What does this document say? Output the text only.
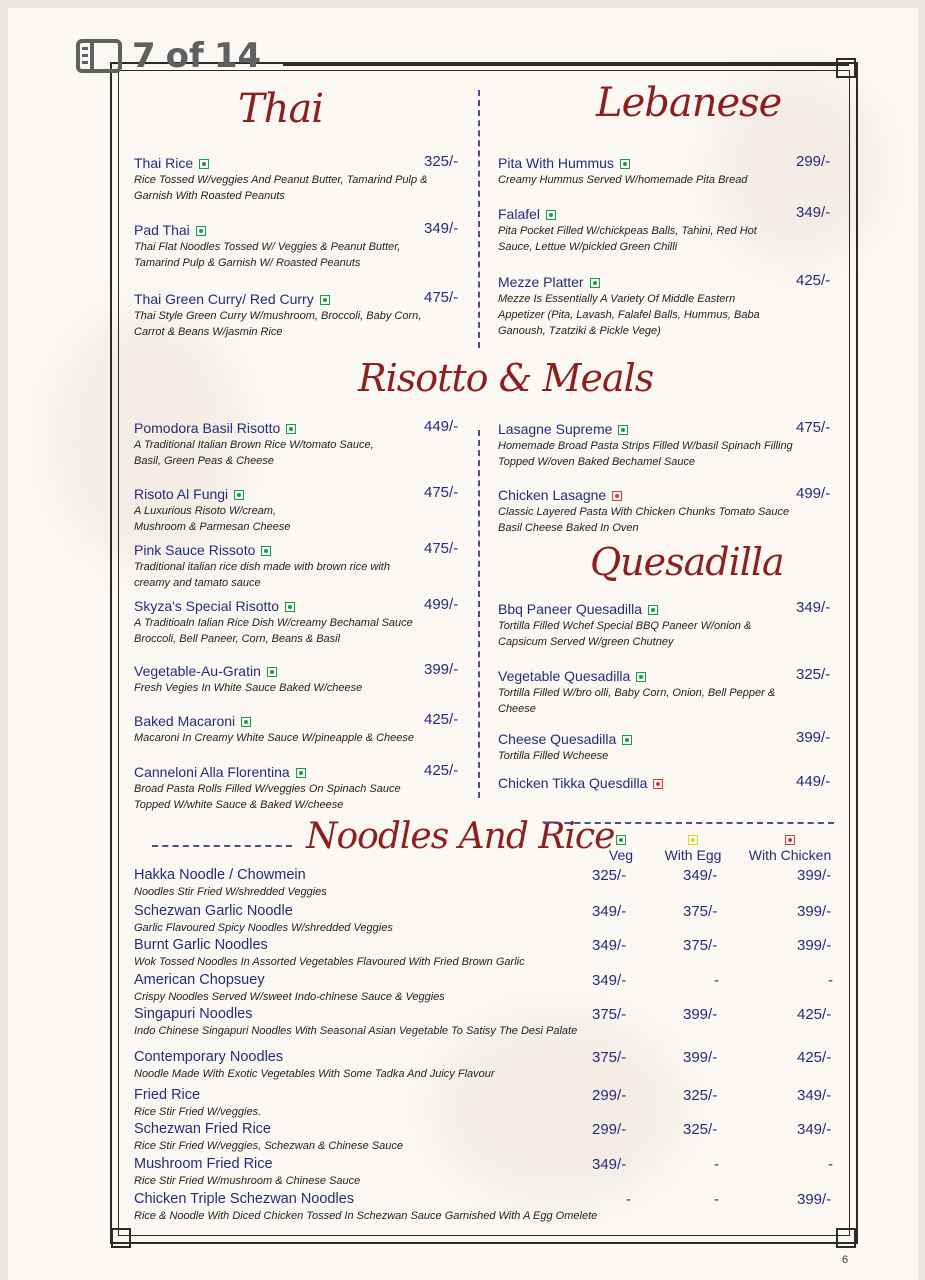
7 of 14
Thai	Lebanese
Risotto & Meals
Quesadilla
Noodles And Rice
Thai Rice
Rice Tossed W/veggies And Peanut Butter, Tamarind Pulp & Garnish With Roasted Peanuts
325/-
Pad Thai
Thai Flat Noodles Tossed W/ Veggies & Peanut Butter, Tamarind Pulp & Garnish W/ Roasted Peanuts
349/-
Thai Green Curry/ Red Curry
Thai Style Green Curry W/mushroom, Broccoli, Baby Corn, Carrot & Beans W/jasmin Rice
475/-
Pita With Hummus
Creamy Hummus Served W/homemade Pita Bread
299/-
Falafel
Pita Pocket Filled W/chickpeas Balls, Tahini, Red Hot Sauce, Lettue W/pickled Green Chilli
349/-
Mezze Platter
Mezze Is Essentially A Variety Of Middle Eastern Appetizer (Pita, Lavash, Falafel Balls, Hummus, Baba Ganoush, Tzatziki & Pickle Vege)
425/-
Pomodora Basil Risotto
A Traditional Italian Brown Rice W/tomato Sauce, Basil, Green Peas & Cheese
449/-
Risoto Al Fungi
A Luxurious Risoto W/cream, Mushroom & Parmesan Cheese
475/-
Pink Sauce Rissoto
Traditional italian rice dish made with brown rice with creamy and tamato sauce
475/-
Skyza's Special Risotto
A Traditioaln Ialian Rice Dish W/creamy Bechamal Sauce Broccoli, Bell Paneer, Corn, Beans & Basil
499/-
Vegetable-Au-Gratin
Fresh Vegies In White Sauce Baked W/cheese
399/-
Baked Macaroni
Macaroni In Creamy White Sauce W/pineapple & Cheese
425/-
Canneloni Alla Florentina
Broad Pasta Rolls Filled W/veggies On Spinach Sauce Topped W/white Sauce & Baked W/cheese
425/-
Lasagne Supreme
Homemade Broad Pasta Strips Filled W/basil Spinach Filling Topped W/oven Baked Bechamel Sauce
475/-
Chicken Lasagne
Classic Layered Pasta With Chicken Chunks Tomato Sauce Basil Cheese Baked In Oven
499/-
Bbq Paneer Quesadilla
Tortilla Filled Wchef Special BBQ Paneer W/onion & Capsicum Served W/green Chutney
349/-
Vegetable Quesadilla
Tortilla Filled W/bro olli, Baby Corn, Onion, Bell Pepper & Cheese
325/-
Cheese Quesadilla
Tortilla Filled Wcheese
399/-
Chicken Tikka Quesdilla	449/-
Hakka Noodle / Chowmein
Noodles Stir Fried W/shredded Veggies
325/-	349/-	399/-
Schezwan Garlic Noodle
Garlic Flavoured Spicy Noodles W/shredded Veggies
349/-	375/-	399/-
Burnt Garlic Noodles
Wok Tossed Noodles In Assorted Vegetables Flavoured With Fried Brown Garlic
349/-	375/-	399/-
American Chopsuey
Crispy Noodles Served W/sweet Indo-chinese Sauce & Veggies
349/-	-	-
Singapuri Noodles
Indo Chinese Singapuri Noodles With Seasonal Asian Vegetable To Satisy The Desi Palate
375/-	399/-	425/-
Contemporary Noodles
Noodle Made With Exotic Vegetables With Some Tadka And Juicy Flavour
375/-	399/-	425/-
Fried Rice
Rice Stir Fried W/veggies.
299/-	325/-	349/-
Schezwan Fried Rice
Rice Stir Fried W/veggies, Schezwan & Chinese Sauce
299/-	325/-	349/-
Mushroom Fried Rice
Rice Stir Fried W/mushroom & Chinese Sauce
349/-	-	-
Chicken Triple Schezwan Noodles
Rice & Noodle With Diced Chicken Tossed In Schezwan Sauce Garnished With A Egg Omelete
-	-	399/-

Veg	With Egg	With Chicken
6
